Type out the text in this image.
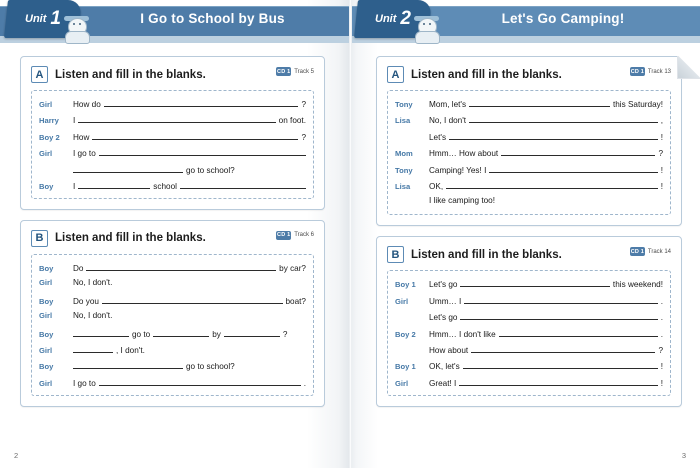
I Go to School by Bus
Unit 1
A	Listen and fill in the blanks.	CD 1 Track 5
Girl	How do	?
Harry	I	on foot.
Boy 2	How	?
Girl	I go to
go to school?
Boy	I	school
B	Listen and fill in the blanks.	CD 1 Track 6
Boy	Do	by car?
Girl	No, I don't.
Boy	Do you	boat?
Girl	No, I don't.
Boy	go to	by	?
Girl	, I don't.
Boy	go to school?
Girl	I go to	.
2
Let's Go Camping!
Unit 2
A	Listen and fill in the blanks.	CD 1 Track 13
Tony	Mom, let's	this Saturday!
Lisa	No, I don't	,
Let's	!
Mom	Hmm… How about	?
Tony	Camping! Yes! I	!
Lisa	OK,	!
I like camping too!
B	Listen and fill in the blanks.	CD 1 Track 14
Boy 1	Let's go	this weekend!
Girl	Umm… I	.
Let's go	.
Boy 2	Hmm… I don't like	.
How about	?
Boy 1	OK, let's	!
Girl	Great! I	!
3
